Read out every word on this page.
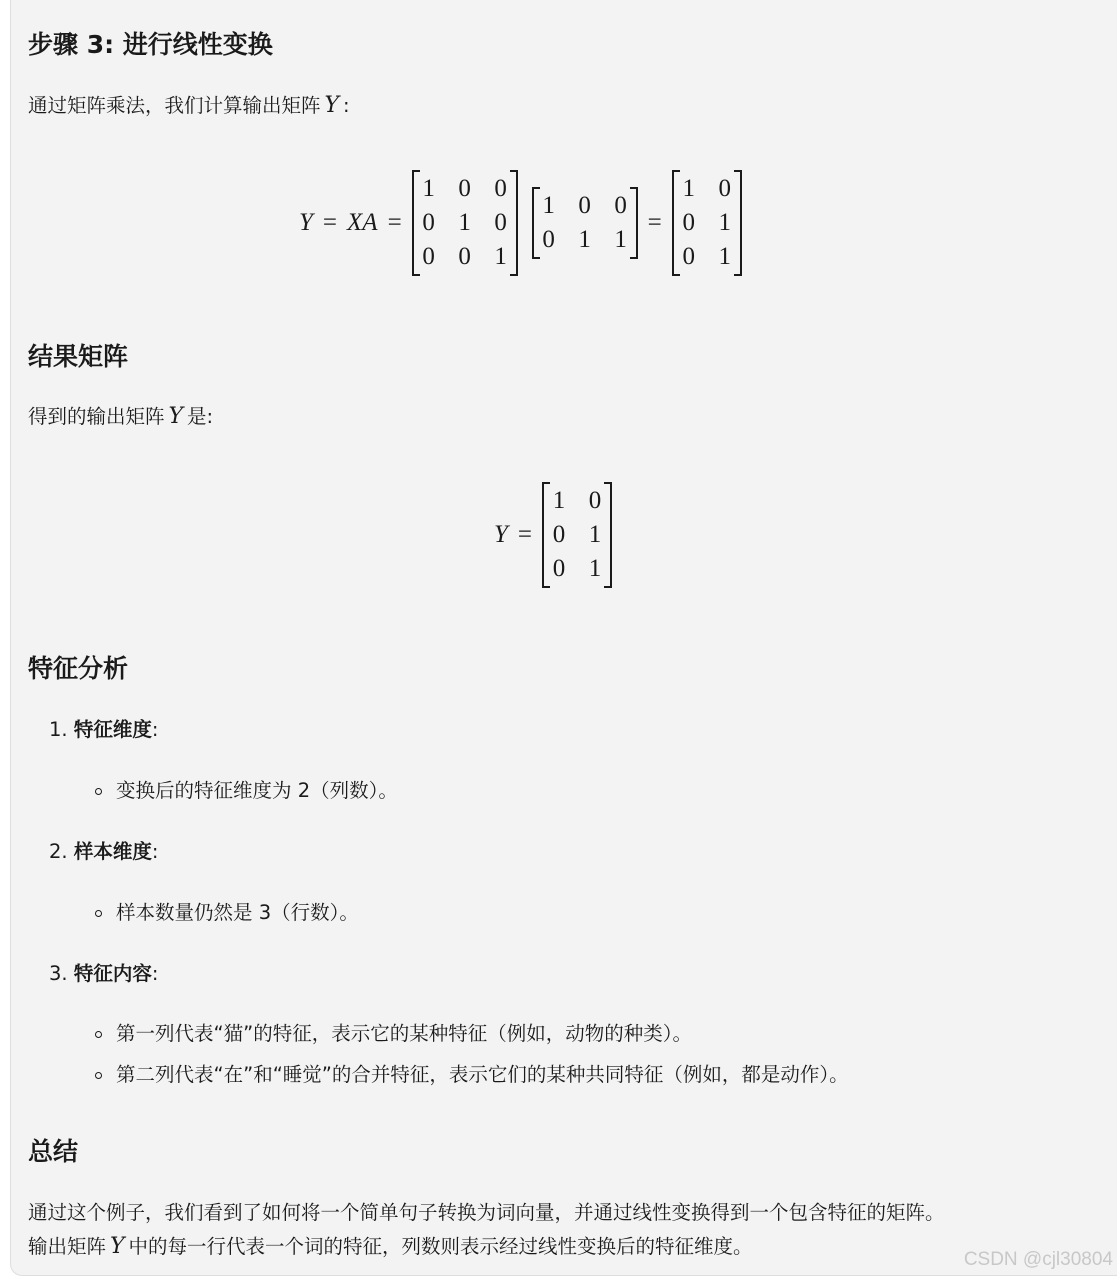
步骤 3: 进行线性变换

通过矩阵乘法，我们计算输出矩阵 Y :

Y = XA =
1 0 0
0 1 0
0 0 1
1 0 0
0 1 1
=
1 0
0 1
0 1
结果矩阵

得到的输出矩阵 Y 是:

Y =
1 0
0 1
0 1
特征分析
1. 特征维度:
变换后的特征维度为 2（列数）。
2. 样本维度:
样本数量仍然是 3（行数）。
3. 特征内容:
第一列代表“猫”的特征，表示它的某种特征（例如，动物的种类）。
第二列代表“在”和“睡觉”的合并特征，表示它们的某种共同特征（例如，都是动作）。
总结

通过这个例子，我们看到了如何将一个简单句子转换为词向量，并通过线性变换得到一个包含特征的矩阵。

输出矩阵 Y 中的每一行代表一个词的特征，列数则表示经过线性变换后的特征维度。

CSDN @cjl30804
